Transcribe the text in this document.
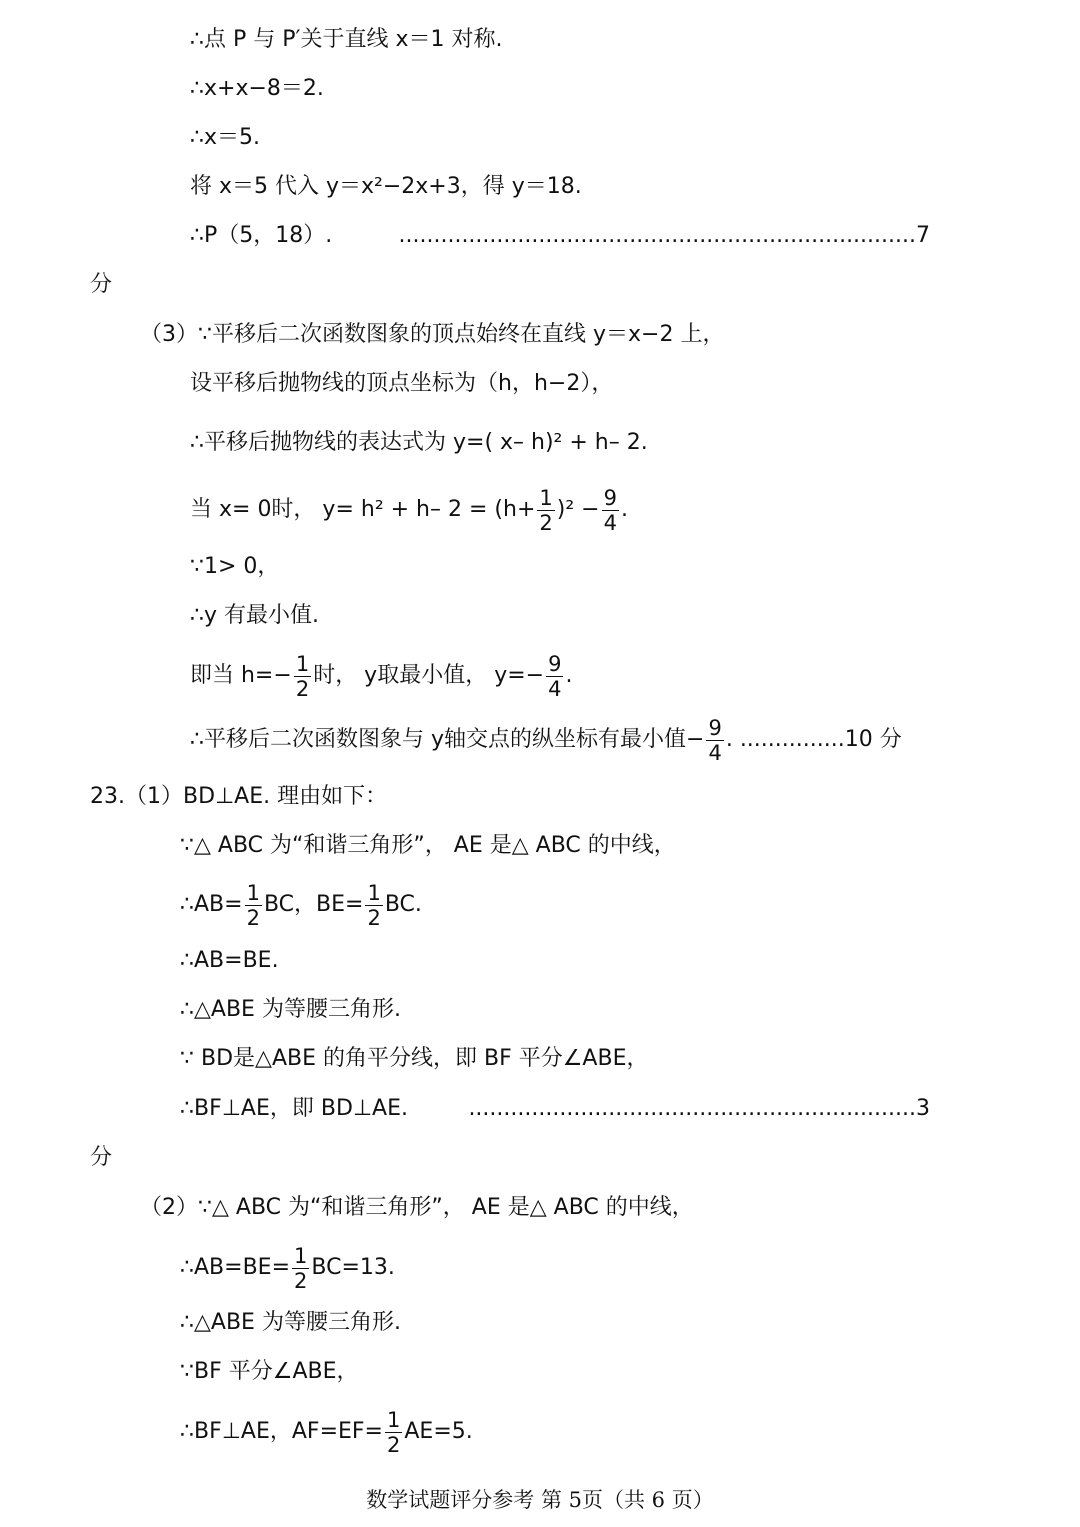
∴点 P 与 P′关于直线 x＝1 对称.
∴x+x−8＝2.
∴x＝5.
将 x＝5 代入 y＝x²−2x+3，得 y＝18.
∴P（5，18）.	..........................................................................7
分
（3）∵平移后二次函数图象的顶点始终在直线 y＝x−2 上，
设平移后抛物线的顶点坐标为（h，h−2），
∴平移后抛物线的表达式为 y=( x– h)² + h– 2.
当 x= 0时， y= h² + h– $2 = (h+ \frac{1}{2} )^2 - \frac{9}{4}$ .
∵1> 0，
∴y 有最小值.
即当 $h=- \frac{1}{2}$ 时， y取最小值， $y=- \frac{9}{4}$ .
∴平移后二次函数图象与 y轴交点的纵坐标有最小值− $\frac{9}{4}$ . ...............10 分
23.（1）BD⊥AE. 理由如下：
∵△ ABC 为“和谐三角形”， AE 是△ ABC 的中线，
∴AB= $\frac{1}{2}$ BC，$BE= \frac{1}{2}$ BC.
∴AB=BE.
∴△ABE 为等腰三角形.
∵ BD是△ABE 的角平分线，即 BF 平分∠ABE，
∴BF⊥AE，即 BD⊥AE.	................................................................3
分
（2）∵△ ABC 为“和谐三角形”， AE 是△ ABC 的中线，
∴AB=BE= $\frac{1}{2} BC=13$.
∴△ABE 为等腰三角形.
∵BF 平分∠ABE，
∴BF⊥AE，$AF=EF= \frac{1}{2} AE=5$.
数学试题评分参考 第 5页（共 6 页）
